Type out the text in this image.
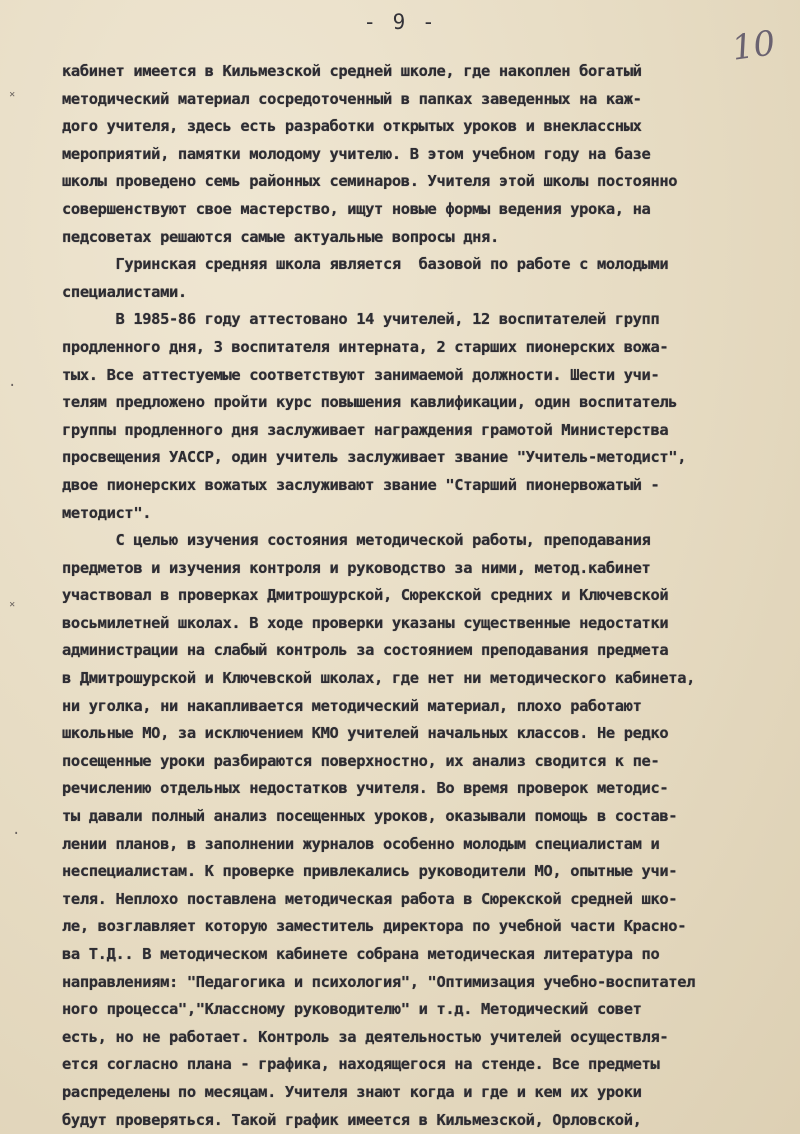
- 9 -
10
˟
·
˟
·
кабинет имеется в Кильмезской средней школе, где накоплен богатый
методический материал сосредоточенный в папках заведенных на каж-
дого учителя, здесь есть разработки открытых уроков и внеклассных
мероприятий, памятки молодому учителю. В этом учебном году на базе
школы проведено семь районных семинаров. Учителя этой школы постоянно
совершенствуют свое мастерство, ищут новые формы ведения урока, на
педсоветах решаются самые актуальные вопросы дня.
Гуринская средняя школа является  базовой по работе с молодыми
специалистами.
В 1985-86 году аттестовано 14 учителей, 12 воспитателей групп
продленного дня, 3 воспитателя интерната, 2 старших пионерских вожа-
тых. Все аттестуемые соответствуют занимаемой должности. Шести учи-
телям предложено пройти курс повышения кавлификации, один воспитатель
группы продленного дня заслуживает награждения грамотой Министерства
просвещения УАССР, один учитель заслуживает звание "Учитель-методист",
двое пионерских вожатых заслуживают звание "Старший пионервожатый -
методист".
С целью изучения состояния методической работы, преподавания
предметов и изучения контроля и руководство за ними, метод.кабинет
участвовал в проверках Дмитрошурской, Сюрекской средних и Ключевской
восьмилетней школах. В ходе проверки указаны существенные недостатки
администрации на слабый контроль за состоянием преподавания предмета
в Дмитрошурской и Ключевской школах, где нет ни методического кабинета,
ни уголка, ни накапливается методический материал, плохо работают
школьные МО, за исключением КМО учителей начальных классов. Не редко
посещенные уроки разбираются поверхностно, их анализ сводится к пе-
речислению отдельных недостатков учителя. Во время проверок методис-
ты давали полный анализ посещенных уроков, оказывали помощь в состав-
лении планов, в заполнении журналов особенно молодым специалистам и
неспециалистам. К проверке привлекались руководители МО, опытные учи-
теля. Неплохо поставлена методическая работа в Сюрекской средней шко-
ле, возглавляет которую заместитель директора по учебной части Красно-
ва Т.Д.. В методическом кабинете собрана методическая литература по
направлениям: "Педагогика и психология", "Оптимизация учебно-воспитател
ного процесса","Классному руководителю" и т.д. Методический совет
есть, но не работает. Контроль за деятельностью учителей осуществля-
ется согласно плана - графика, находящегося на стенде. Все предметы
распределены по месяцам. Учителя знают когда и где и кем их уроки
будут проверяться. Такой график имеется в Кильмезской, Орловской,
